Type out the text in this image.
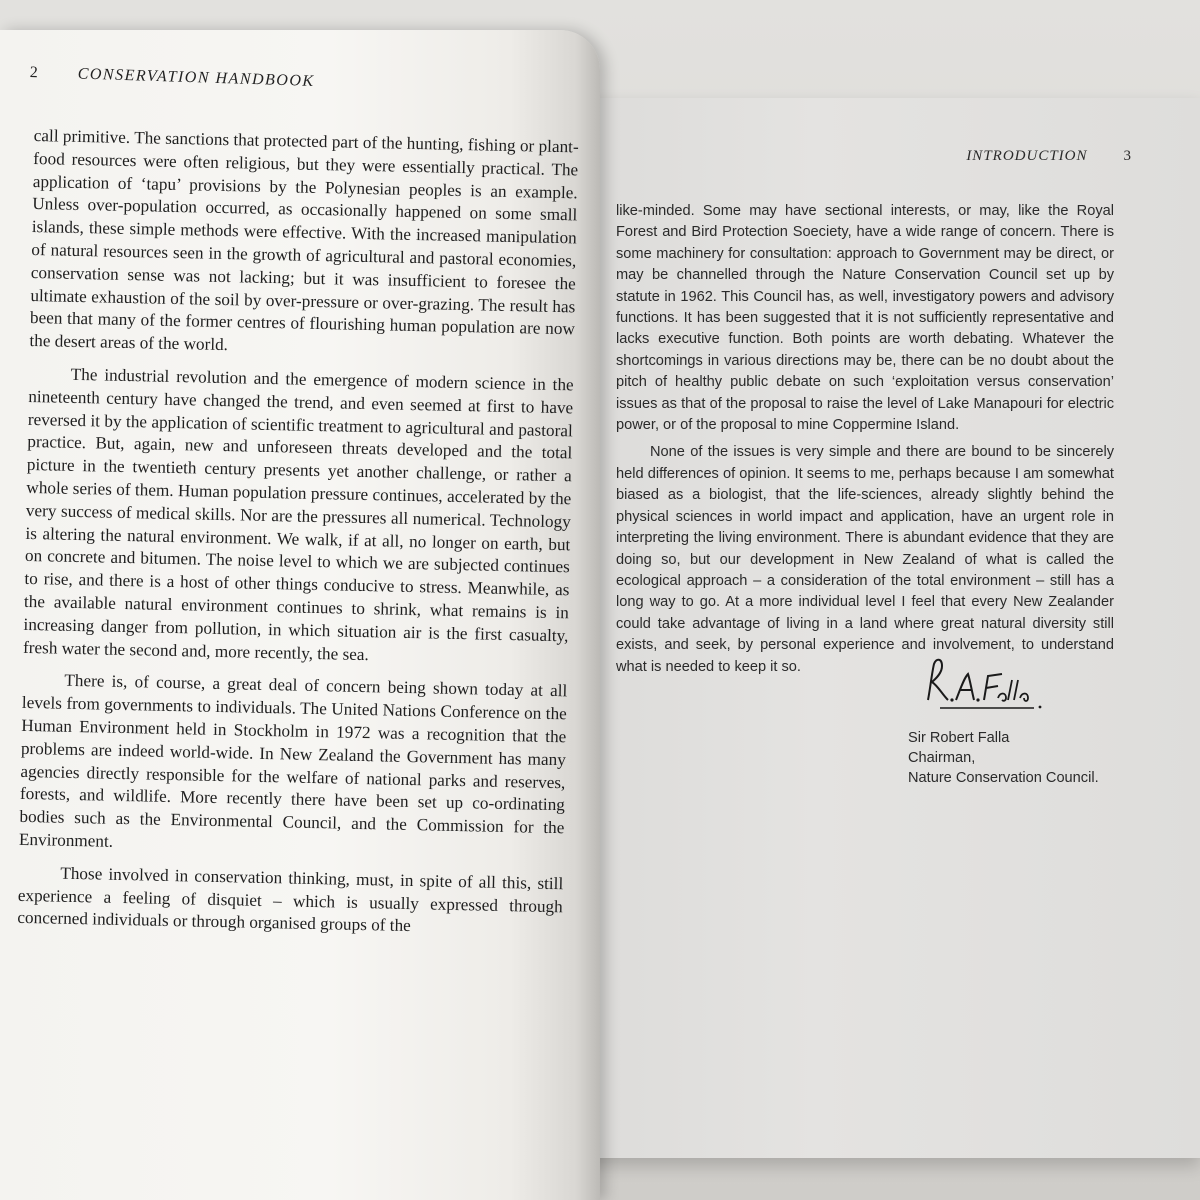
INTRODUCTION 3

like-minded. Some may have sectional interests, or may, like the Royal Forest and Bird Protection Soeciety, have a wide range of concern. There is some machinery for consultation: approach to Government may be direct, or may be channelled through the Nature Conservation Council set up by statute in 1962. This Council has, as well, investigatory powers and advisory functions. It has been suggested that it is not sufficiently representative and lacks executive function. Both points are worth debating. Whatever the shortcomings in various directions may be, there can be no doubt about the pitch of healthy public debate on such ‘exploitation versus conservation’ issues as that of the proposal to raise the level of Lake Manapouri for electric power, or of the proposal to mine Coppermine Island.

None of the issues is very simple and there are bound to be sincerely held differences of opinion. It seems to me, perhaps because I am somewhat biased as a biologist, that the life-sciences, already slightly behind the physical sciences in world impact and application, have an urgent role in interpreting the living environment. There is abundant evidence that they are doing so, but our development in New Zealand of what is called the ecological approach – a consideration of the total environment – still has a long way to go. At a more individual level I feel that every New Zealander could take advantage of living in a land where great natural diversity still exists, and seek, by personal experience and involvement, to understand what is needed to keep it so.

Sir Robert Falla
Chairman,
Nature Conservation Council.
2 CONSERVATION HANDBOOK

call primitive. The sanctions that protected part of the hunting, fishing or plant-food resources were often religious, but they were essentially practical. The application of ‘tapu’ provisions by the Polynesian peoples is an example. Unless over-population occurred, as occasionally happened on some small islands, these simple methods were effective. With the increased manipulation of natural resources seen in the growth of agricultural and pastoral economies, conservation sense was not lacking; but it was insufficient to foresee the ultimate exhaustion of the soil by over-pressure or over-grazing. The result has been that many of the former centres of flourishing human population are now the desert areas of the world.

The industrial revolution and the emergence of modern science in the nineteenth century have changed the trend, and even seemed at first to have reversed it by the application of scientific treatment to agricultural and pastoral practice. But, again, new and unforeseen threats developed and the total picture in the twentieth century presents yet another challenge, or rather a whole series of them. Human population pressure continues, accelerated by the very success of medical skills. Nor are the pressures all numerical. Technology is altering the natural environment. We walk, if at all, no longer on earth, but on concrete and bitumen. The noise level to which we are subjected continues to rise, and there is a host of other things conducive to stress. Meanwhile, as the available natural environment continues to shrink, what remains is in increasing danger from pollution, in which situation air is the first casualty, fresh water the second and, more recently, the sea.

There is, of course, a great deal of concern being shown today at all levels from governments to individuals. The United Nations Conference on the Human Environment held in Stockholm in 1972 was a recognition that the problems are indeed world-wide. In New Zealand the Government has many agencies directly responsible for the welfare of national parks and reserves, forests, and wildlife. More recently there have been set up co-ordinating bodies such as the Environmental Council, and the Commission for the Environment.

Those involved in conservation thinking, must, in spite of all this, still experience a feeling of disquiet – which is usually expressed through concerned individuals or through organised groups of the
